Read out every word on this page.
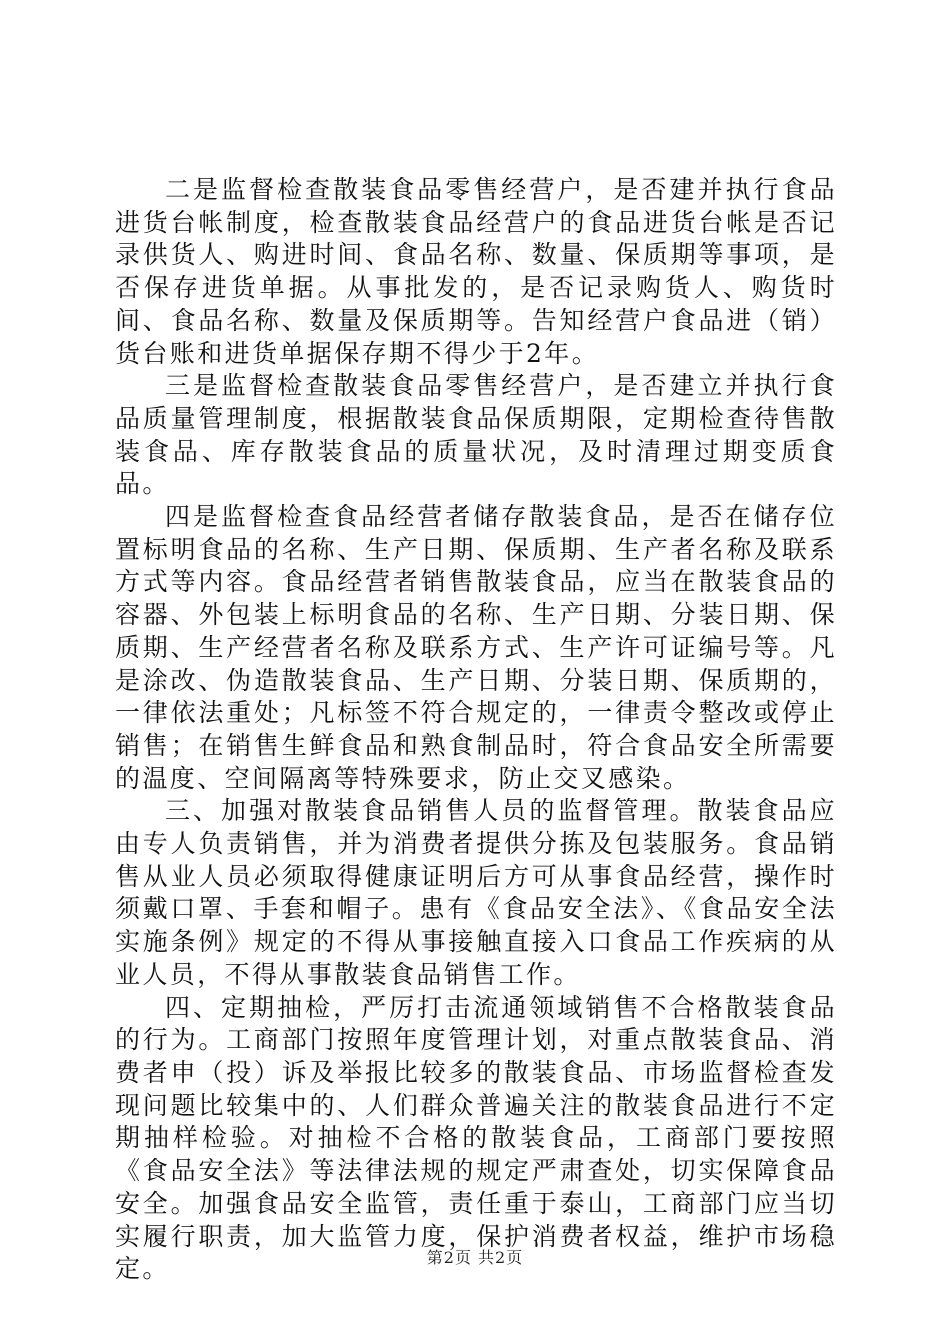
二是监督检查散装食品零售经营户，是否建并执行食品进货台帐制度，检查散装食品经营户的食品进货台帐是否记录供货人、购进时间、食品名称、数量、保质期等事项，是否保存进货单据。从事批发的，是否记录购货人、购货时间、食品名称、数量及保质期等。告知经营户食品进（销）货台账和进货单据保存期不得少于2年。

三是监督检查散装食品零售经营户，是否建立并执行食品质量管理制度，根据散装食品保质期限，定期检查待售散装食品、库存散装食品的质量状况，及时清理过期变质食品。

四是监督检查食品经营者储存散装食品，是否在储存位置标明食品的名称、生产日期、保质期、生产者名称及联系方式等内容。食品经营者销售散装食品，应当在散装食品的容器、外包装上标明食品的名称、生产日期、分装日期、保质期、生产经营者名称及联系方式、生产许可证编号等。凡是涂改、伪造散装食品、生产日期、分装日期、保质期的，一律依法重处；凡标签不符合规定的，一律责令整改或停止销售；在销售生鲜食品和熟食制品时，符合食品安全所需要的温度、空间隔离等特殊要求，防止交叉感染。

三、加强对散装食品销售人员的监督管理。散装食品应由专人负责销售，并为消费者提供分拣及包装服务。食品销售从业人员必须取得健康证明后方可从事食品经营，操作时须戴口罩、手套和帽子。患有《食品安全法》、《食品安全法实施条例》规定的不得从事接触直接入口食品工作疾病的从业人员，不得从事散装食品销售工作。

四、定期抽检，严厉打击流通领域销售不合格散装食品的行为。工商部门按照年度管理计划，对重点散装食品、消费者申（投）诉及举报比较多的散装食品、市场监督检查发现问题比较集中的、人们群众普遍关注的散装食品进行不定期抽样检验。对抽检不合格的散装食品，工商部门要按照《食品安全法》等法律法规的规定严肃查处，切实保障食品安全。加强食品安全监管，责任重于泰山，工商部门应当切实履行职责，加大监管力度，保护消费者权益，维护市场稳定。	第2页 共2页
